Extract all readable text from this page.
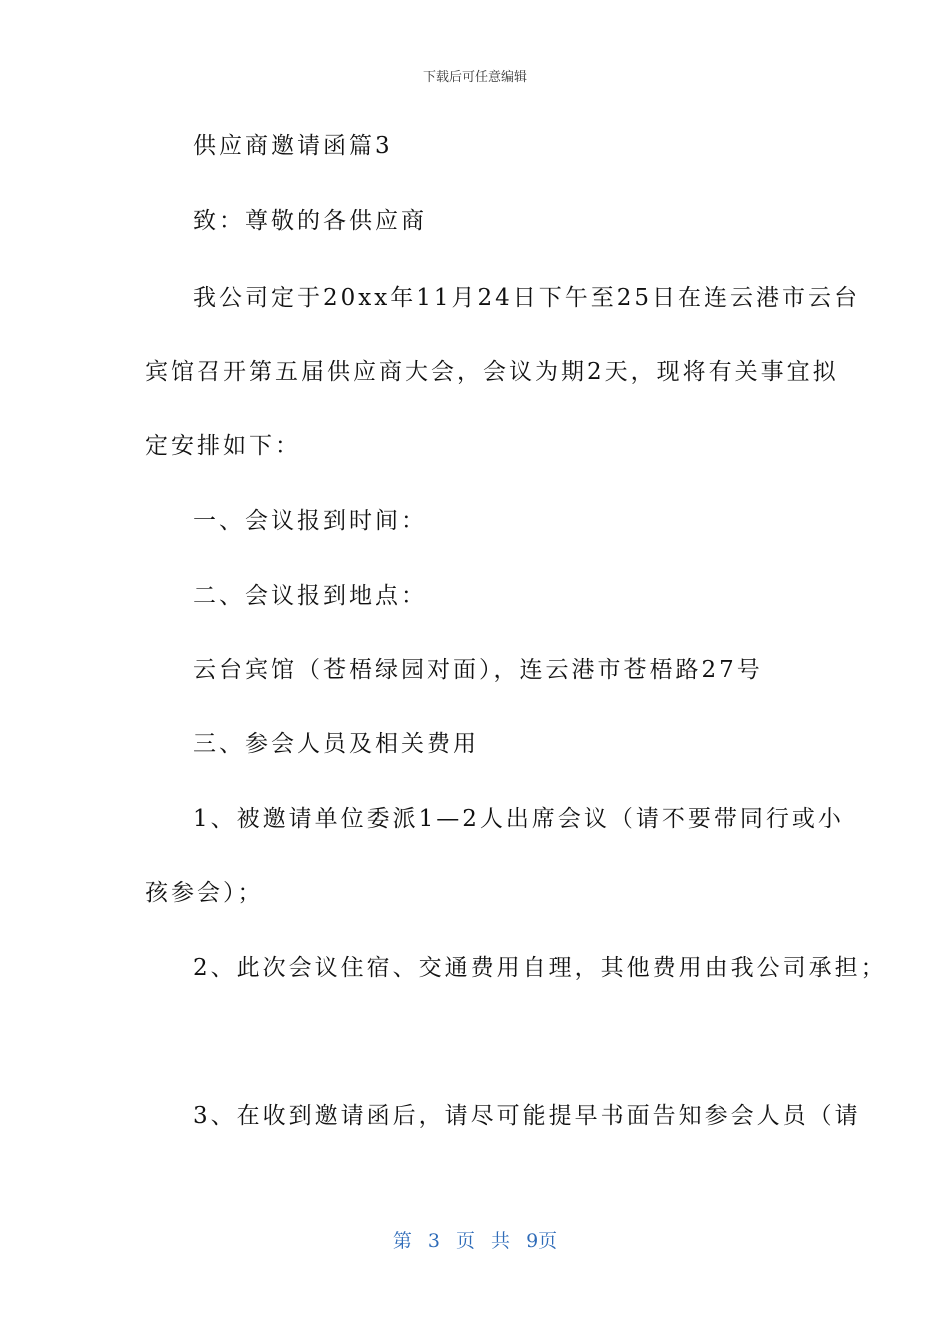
下载后可任意编辑
供应商邀请函篇3
致：尊敬的各供应商
我公司定于20xx年11月24日下午至25日在连云港市云台
宾馆召开第五届供应商大会，会议为期2天，现将有关事宜拟
定安排如下：
一、会议报到时间：
二、会议报到地点：
云台宾馆（苍梧绿园对面），连云港市苍梧路27号
三、参会人员及相关费用
1、被邀请单位委派1—2人出席会议（请不要带同行或小
孩参会）；
2、此次会议住宿、交通费用自理，其他费用由我公司承担；
3、在收到邀请函后，请尽可能提早书面告知参会人员（请
第 3 页 共 9页
